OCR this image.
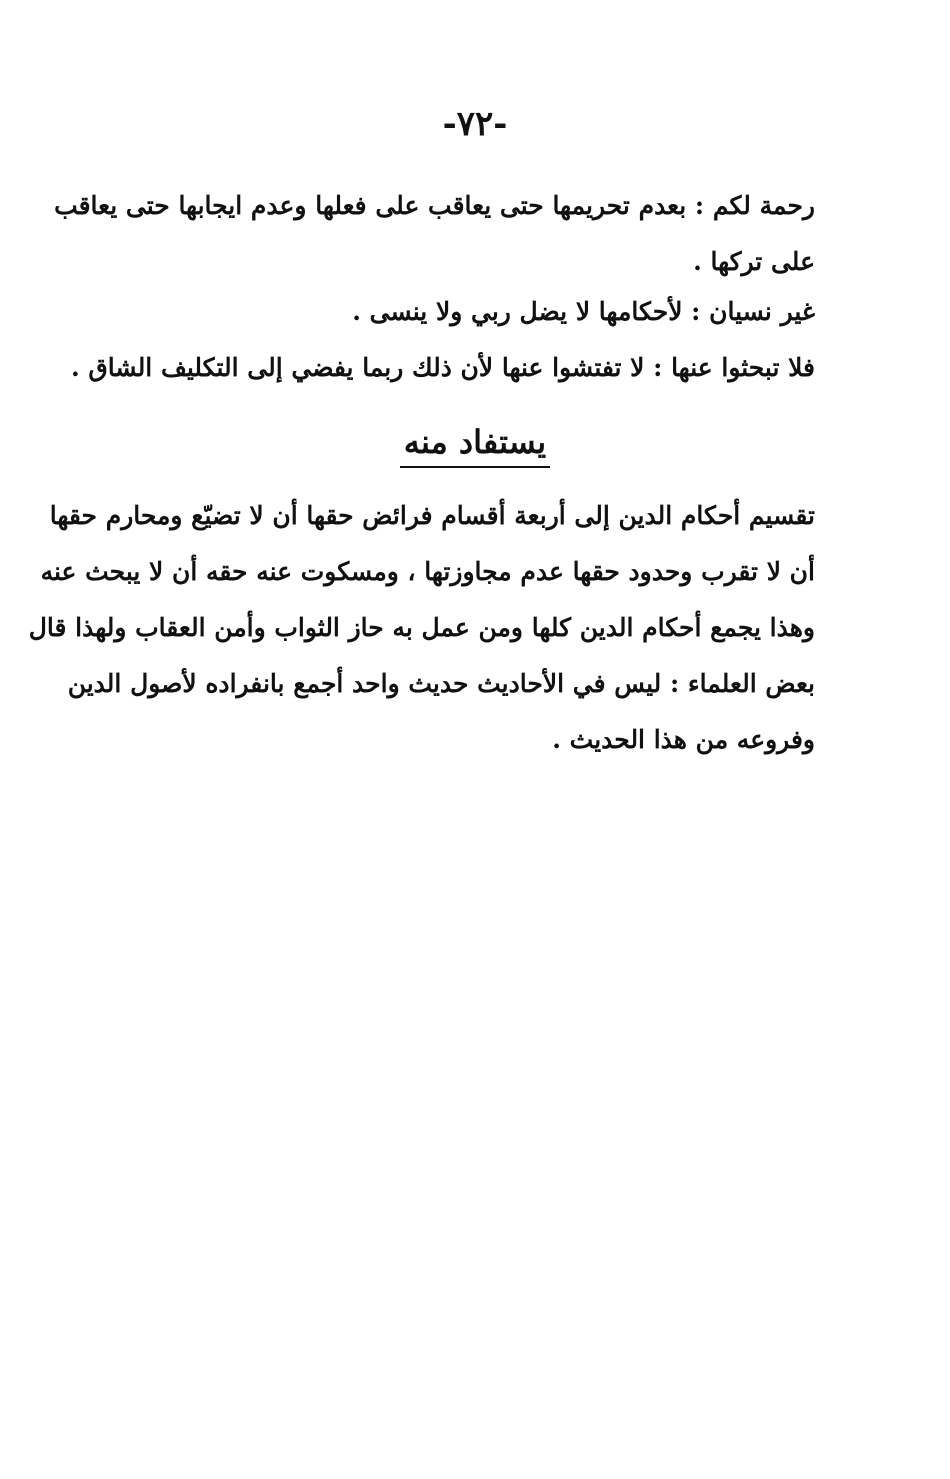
-٧٢-
رحمة لكم : بعدم تحريمها حتى يعاقب على فعلها وعدم ايجابها حتى يعاقب
على تركها .
غير نسيان : لأحكامها لا يضل ربي ولا ينسى .
فلا تبحثوا عنها : لا تفتشوا عنها لأن ذلك ربما يفضي إلى التكليف الشاق .
يستفاد منه
تقسيم أحكام الدين إلى أربعة أقسام فرائض حقها أن لا تضيّع ومحارم حقها
أن لا تقرب وحدود حقها عدم مجاوزتها ، ومسكوت عنه حقه أن لا يبحث عنه
وهذا يجمع أحكام الدين كلها ومن عمل به حاز الثواب وأمن العقاب ولهذا قال
بعض العلماء : ليس في الأحاديث حديث واحد أجمع بانفراده لأصول الدين
وفروعه من هذا الحديث .
